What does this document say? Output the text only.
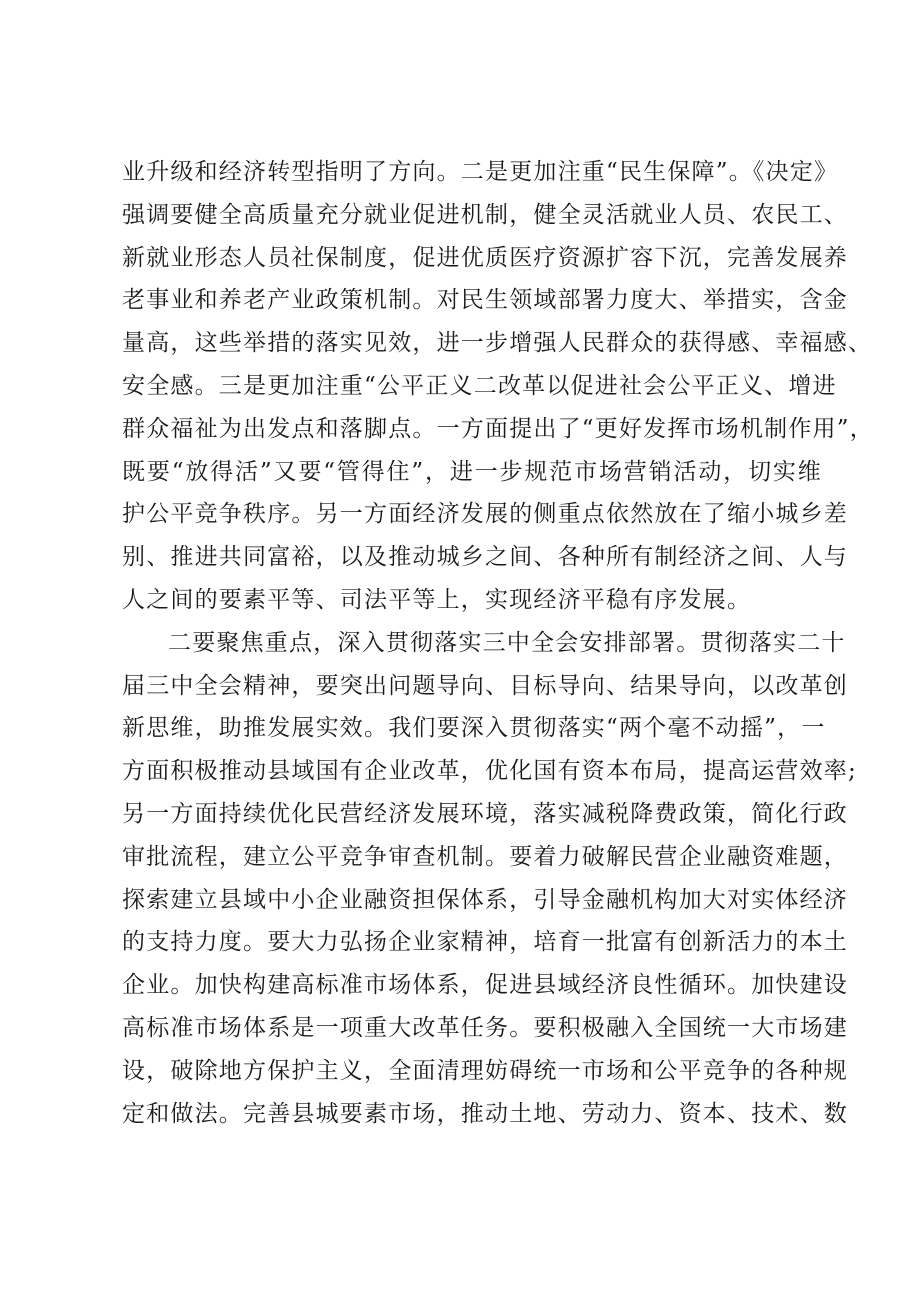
业升级和经济转型指明了方向。二是更加注重“民生保障”。《决定》
强调要健全高质量充分就业促进机制，健全灵活就业人员、农民工、
新就业形态人员社保制度，促进优质医疗资源扩容下沉，完善发展养
老事业和养老产业政策机制。对民生领域部署力度大、举措实，含金
量高，这些举措的落实见效，进一步增强人民群众的获得感、幸福感、
安全感。三是更加注重“公平正义二改革以促进社会公平正义、增进
群众福祉为出发点和落脚点。一方面提出了“更好发挥市场机制作用”，
既要“放得活”又要“管得住”，进一步规范市场营销活动，切实维
护公平竞争秩序。另一方面经济发展的侧重点依然放在了缩小城乡差
别、推进共同富裕，以及推动城乡之间、各种所有制经济之间、人与
人之间的要素平等、司法平等上，实现经济平稳有序发展。
二要聚焦重点，深入贯彻落实三中全会安排部署。贯彻落实二十
届三中全会精神，要突出问题导向、目标导向、结果导向，以改革创
新思维，助推发展实效。我们要深入贯彻落实“两个毫不动摇”，一
方面积极推动县域国有企业改革，优化国有资本布局，提高运营效率;
另一方面持续优化民营经济发展环境，落实减税降费政策，简化行政
审批流程，建立公平竞争审查机制。要着力破解民营企业融资难题，
探索建立县域中小企业融资担保体系，引导金融机构加大对实体经济
的支持力度。要大力弘扬企业家精神，培育一批富有创新活力的本土
企业。加快构建高标准市场体系，促进县域经济良性循环。加快建设
高标准市场体系是一项重大改革任务。要积极融入全国统一大市场建
设，破除地方保护主义，全面清理妨碍统一市场和公平竞争的各种规
定和做法。完善县城要素市场，推动土地、劳动力、资本、技术、数
